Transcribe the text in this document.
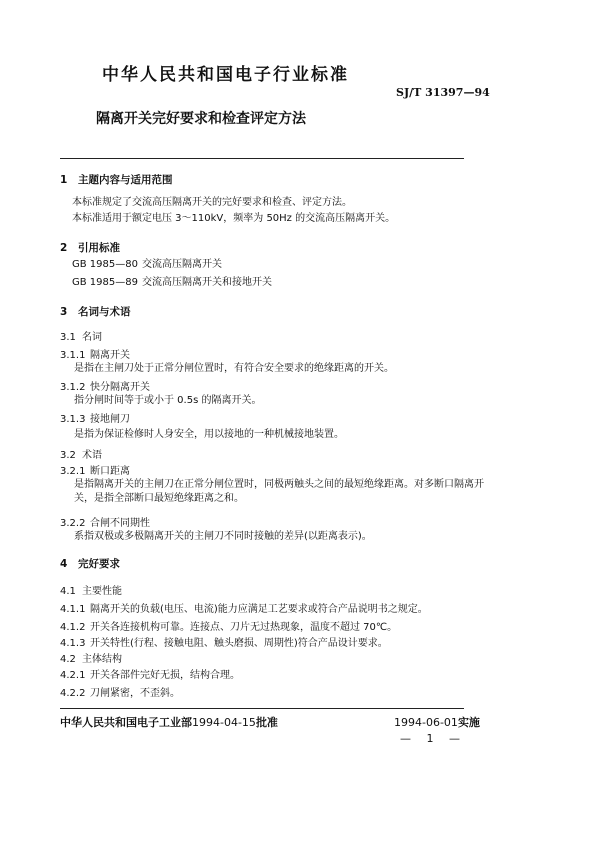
中华人民共和国电子行业标准
SJ/T 31397—94
隔离开关完好要求和检查评定方法
1 主题内容与适用范围
本标准规定了交流高压隔离开关的完好要求和检查、评定方法。
本标准适用于额定电压 3～110kV，频率为 50Hz 的交流高压隔离开关。
2 引用标准
GB 1985—80 交流高压隔离开关
GB 1985—89 交流高压隔离开关和接地开关
3 名词与术语
3.1 名词
3.1.1 隔离开关
是指在主闸刀处于正常分闸位置时，有符合安全要求的绝缘距离的开关。
3.1.2 快分隔离开关
指分闸时间等于或小于 0.5s 的隔离开关。
3.1.3 接地闸刀
是指为保证检修时人身安全，用以接地的一种机械接地装置。
3.2 术语
3.2.1 断口距离
是指隔离开关的主闸刀在正常分闸位置时，同极两触头之间的最短绝缘距离。对多断口隔离开关，是指全部断口最短绝缘距离之和。
3.2.2 合闸不同期性
系指双极或多极隔离开关的主闸刀不同时接触的差异(以距离表示)。
4 完好要求
4.1 主要性能
4.1.1 隔离开关的负载(电压、电流)能力应满足工艺要求或符合产品说明书之规定。
4.1.2 开关各连接机构可靠。连接点、刀片无过热现象，温度不超过 70℃。
4.1.3 开关特性(行程、接触电阻、触头磨损、周期性)符合产品设计要求。
4.2 主体结构
4.2.1 开关各部件完好无损，结构合理。
4.2.2 刀闸紧密，不歪斜。
中华人民共和国电子工业部1994-04-15批准	1994-06-01实施
— 1 —
